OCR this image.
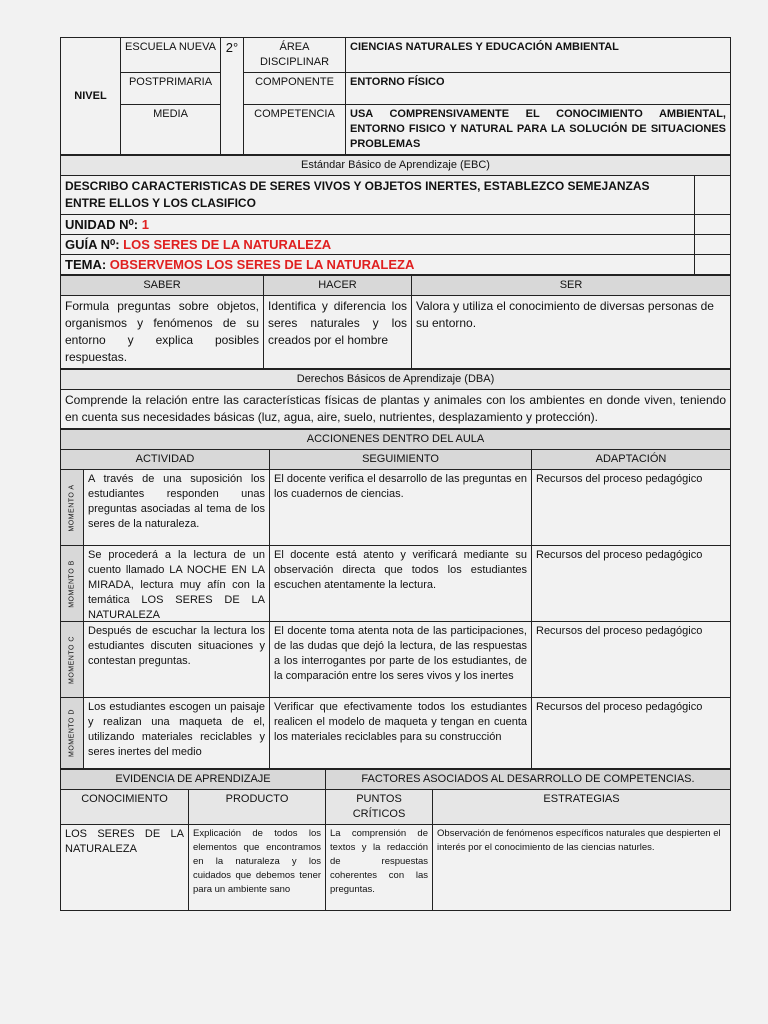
NIVEL	ESCUELA NUEVA	2°	ÁREA DISCIPLINAR	CIENCIAS NATURALES Y EDUCACIÓN AMBIENTAL
	POSTPRIMARIA		COMPONENTE	ENTORNO FÍSICO
	MEDIA		COMPETENCIA	USA COMPRENSIVAMENTE EL CONOCIMIENTO AMBIENTAL, ENTORNO FISICO Y NATURAL PARA LA SOLUCIÓN DE SITUACIONES PROBLEMAS
Estándar Básico de Aprendizaje (EBC)	
DESCRIBO CARACTERISTICAS DE SERES VIVOS Y OBJETOS INERTES, ESTABLEZCO SEMEJANZAS ENTRE ELLOS Y LOS CLASIFICO	
UNIDAD N⁰: 1	
GUÍA N⁰: LOS SERES DE LA NATURALEZA	
TEMA: OBSERVEMOS LOS SERES DE LA NATURALEZA	
SABER	HACER	SER
Formula preguntas sobre objetos, organismos y fenómenos de su entorno y explica posibles respuestas.	Identifica y diferencia los seres naturales y los creados por el hombre	Valora y utiliza el conocimiento de diversas personas de su entorno.
Derechos Básicos de Aprendizaje (DBA)
Comprende la relación entre las características físicas de plantas y animales con los ambientes en donde viven, teniendo en cuenta sus necesidades básicas (luz, agua, aire, suelo, nutrientes, desplazamiento y protección).
ACCIONENES DENTRO DEL AULA			
ACTIVIDAD		SEGUIMIENTO	ADAPTACIÓN

MOMENTO A	A través de una suposición los estudiantes responden unas preguntas asociadas al tema de los seres de la naturaleza.	El docente verifica el desarrollo de las preguntas en los cuadernos de ciencias.	Recursos del proceso pedagógico

MOMENTO B	Se procederá a la lectura de un cuento llamado LA NOCHE EN LA MIRADA, lectura muy afín con la temática LOS SERES DE LA NATURALEZA	El docente está atento y verificará mediante su observación directa que todos los estudiantes escuchen atentamente la lectura.	Recursos del proceso pedagógico

MOMENTO C	Después de escuchar la lectura los estudiantes discuten situaciones y contestan preguntas.	El docente toma atenta nota de las participaciones, de las dudas que dejó la lectura, de las respuestas a los interrogantes por parte de los estudiantes, de la comparación entre los seres vivos y los inertes	Recursos del proceso pedagógico

MOMENTO D	Los estudiantes escogen un paisaje y realizan una maqueta de el, utilizando materiales reciclables y seres inertes del medio	Verificar que efectivamente todos los estudiantes realicen el modelo de maqueta y tengan en cuenta los materiales reciclables para su construcción	Recursos del proceso pedagógico
EVIDENCIA DE APRENDIZAJE		FACTORES ASOCIADOS AL DESARROLLO DE COMPETENCIAS.	
CONOCIMIENTO	PRODUCTO	PUNTOS CRÍTICOS	ESTRATEGIAS
LOS SERES DE LA NATURALEZA	Explicación de todos los elementos que encontramos en la naturaleza y los cuidados que debemos tener para un ambiente sano	La comprensión de textos y la redacción de respuestas coherentes con las preguntas.	Observación de fenómenos específicos naturales que despierten el interés por el conocimiento de las ciencias naturles.
